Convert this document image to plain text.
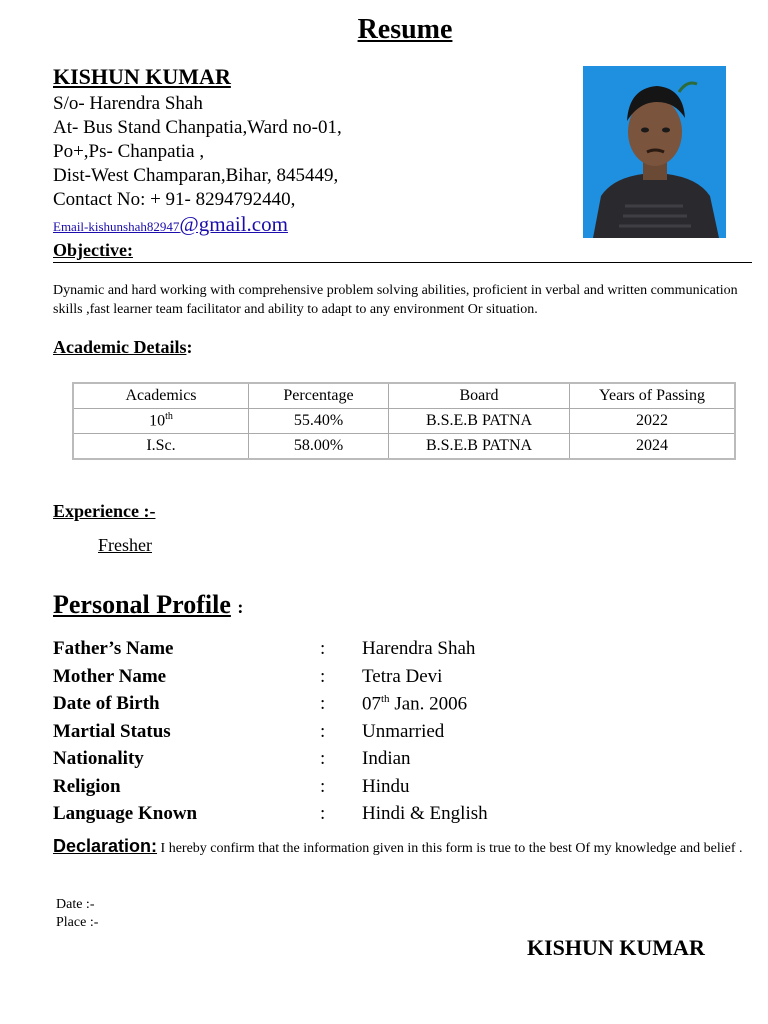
Resume
KISHUN KUMAR
S/o- Harendra Shah
At- Bus Stand Chanpatia,Ward no-01,
Po+,Ps- Chanpatia ,
Dist-West Champaran,Bihar, 845449,
Contact No: + 91- 8294792440,
Email-kishunshah82947@gmail.com
Objective:
Dynamic and hard working with comprehensive problem solving abilities, proficient in verbal and written communication skills ,fast learner team facilitator and ability to adapt to any environment Or situation.
Academic Details:
Academics	Percentage	Board	Years of Passing
10th	55.40%	B.S.E.B PATNA	2022
I.Sc.	58.00%	B.S.E.B PATNA	2024
Experience :-
Fresher
Personal Profile :
Father’s Name	: Harendra Shah
Mother Name	: Tetra Devi
Date of Birth	: 07th Jan. 2006
Martial Status	: Unmarried
Nationality	: Indian
Religion	: Hindu
Language Known	: Hindi & English
Declaration: I hereby confirm that the information given in this form is true to the best Of my knowledge and belief .
Date :-
Place :-
KISHUN KUMAR
